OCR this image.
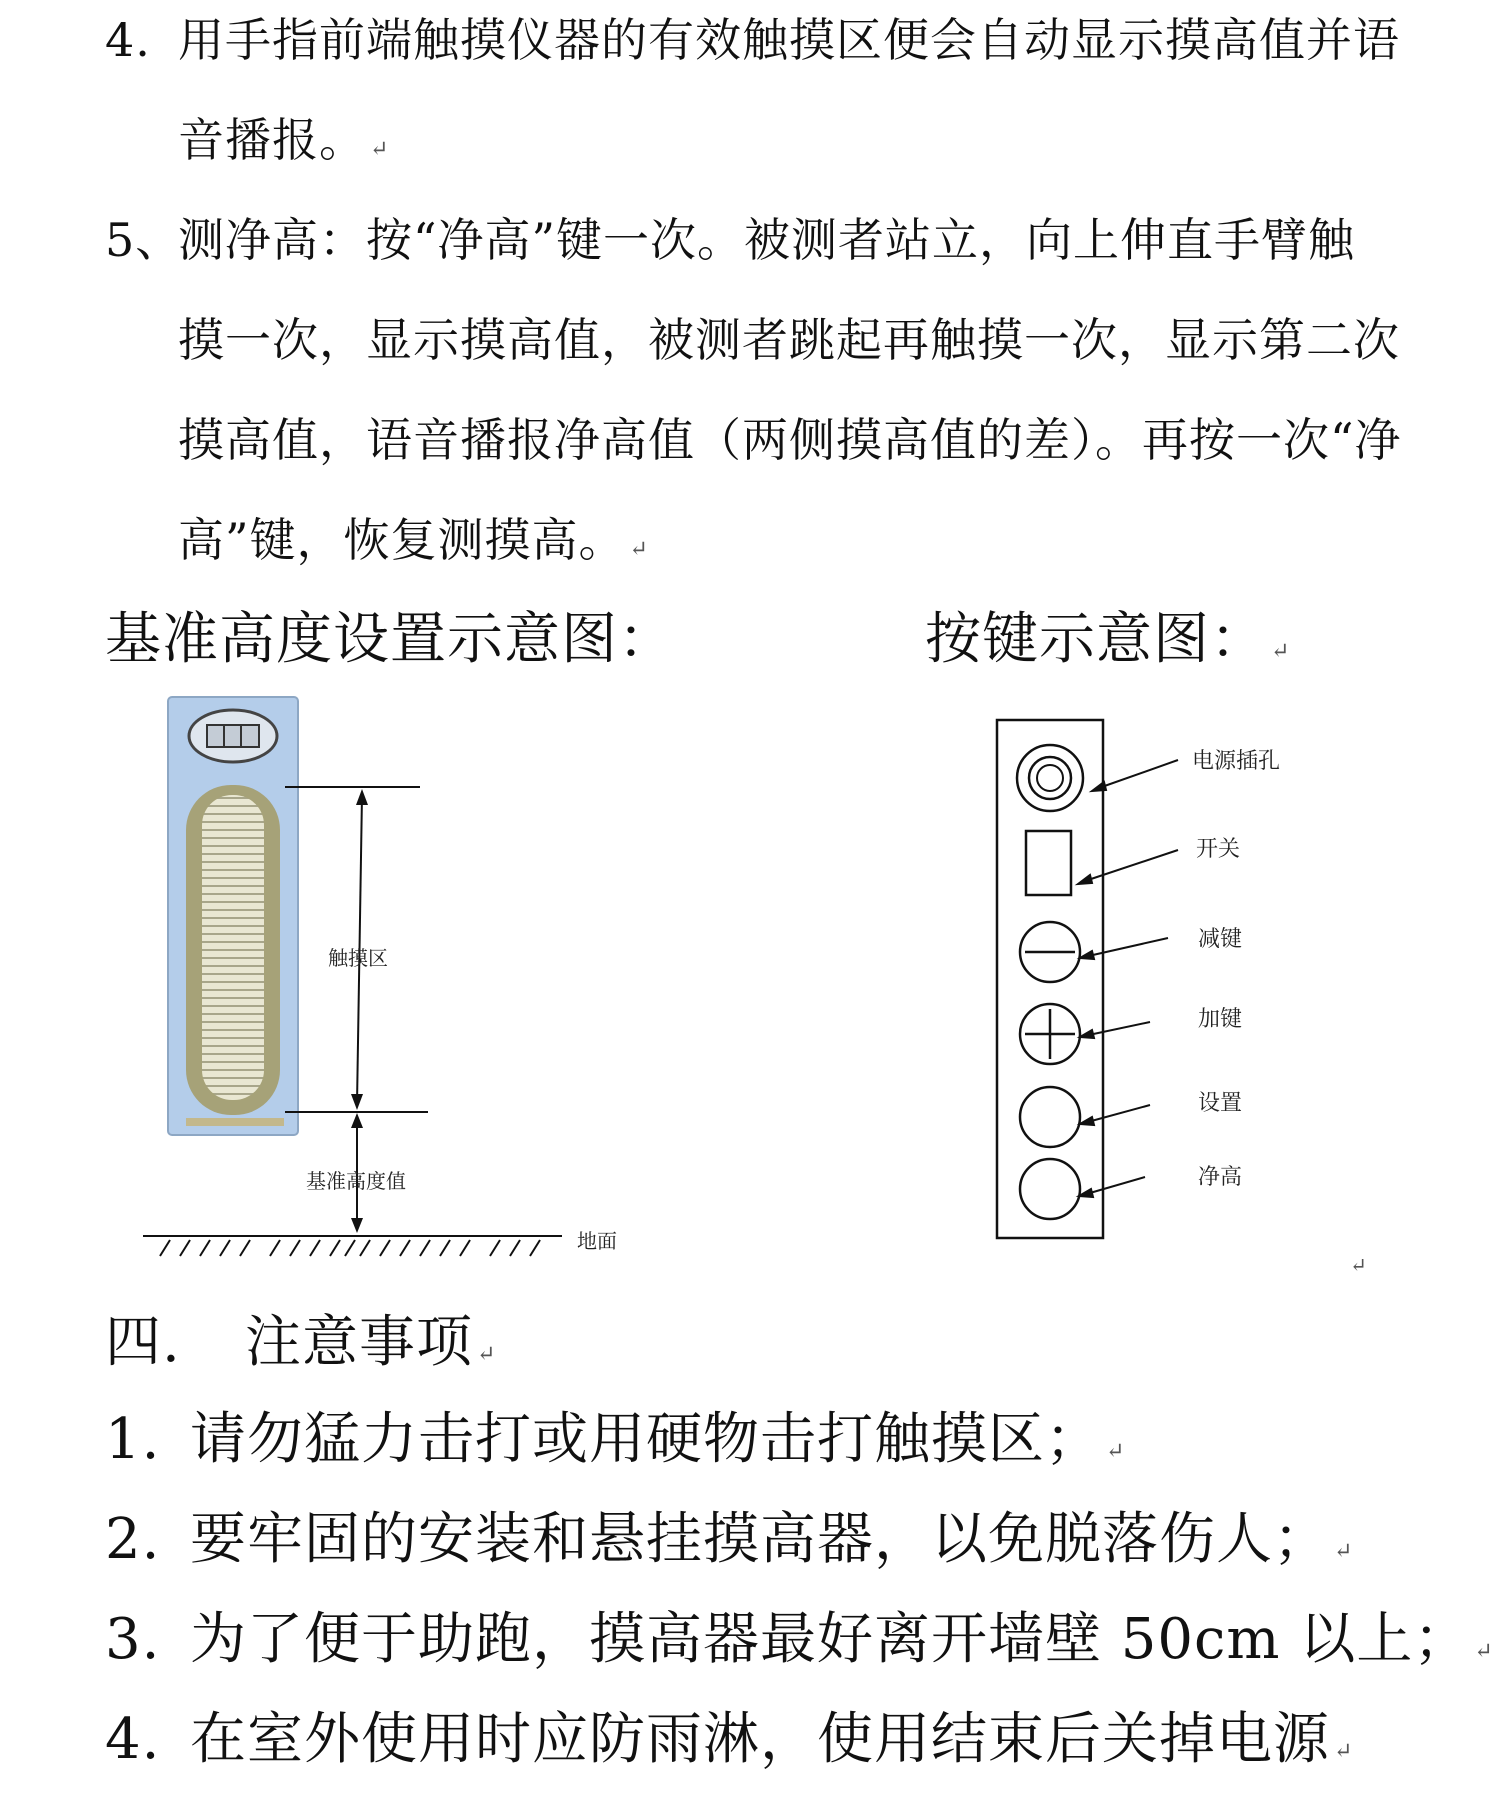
4. 用手指前端触摸仪器的有效触摸区便会自动显示摸高值并语
音播报。 ↵
5、
测净高：按“净高”键一次。被测者站立，向上伸直手臂触
摸一次，显示摸高值，被测者跳起再触摸一次，显示第二次
摸高值，语音播报净高值（两侧摸高值的差）。再按一次“净
高”键，恢复测摸高。 ↵
基准高度设置示意图：	按键示意图： ↵
触摸区
基准高度值
地面
电源插孔
开关
减键
加键
设置
净高
↵
四. 注意事项 ↵
1. 请勿猛力击打或用硬物击打触摸区； ↵
2. 要牢固的安装和悬挂摸高器，以免脱落伤人； ↵
3. 为了便于助跑，摸高器最好离开墙壁 50cm 以上； ↵
4. 在室外使用时应防雨淋，使用结束后关掉电源 ↵
